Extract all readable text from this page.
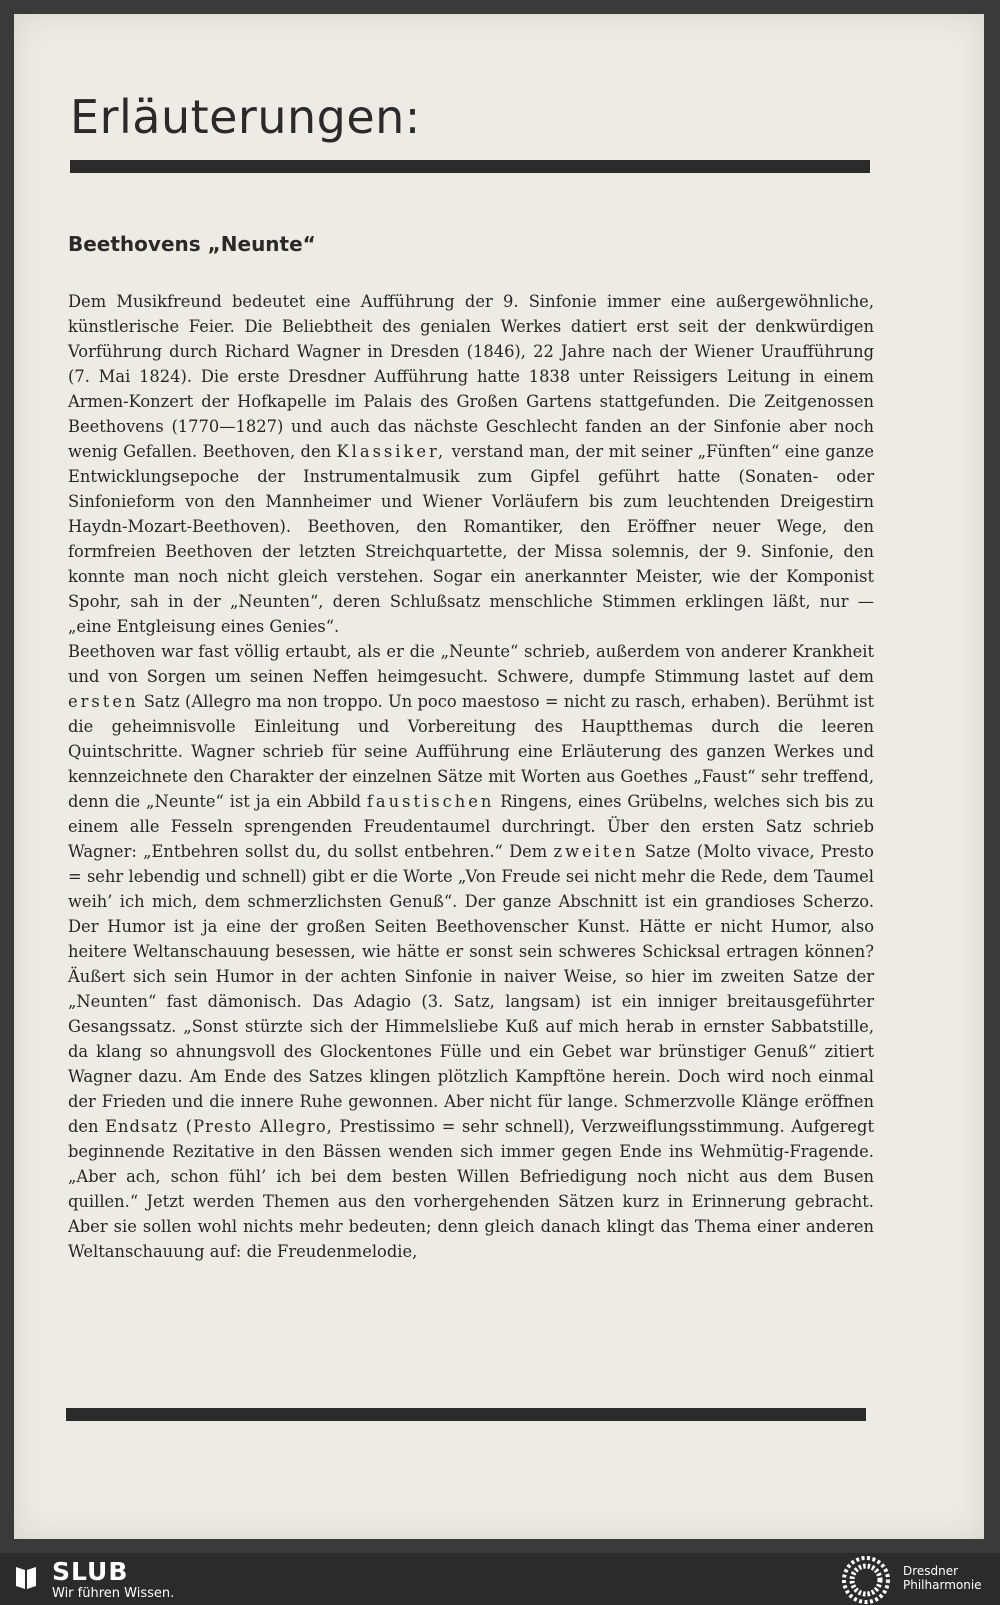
Erläuterungen:
Beethovens „Neunte“

Dem Musikfreund bedeutet eine Aufführung der 9. Sinfonie immer eine außergewöhnliche, künstlerische Feier. Die Beliebtheit des genialen Werkes datiert erst seit der denkwürdigen Vorführung durch Richard Wagner in Dresden (1846), 22 Jahre nach der Wiener Uraufführung (7. Mai 1824). Die erste Dresdner Aufführung hatte 1838 unter Reissigers Leitung in einem Armen-Konzert der Hofkapelle im Palais des Großen Gartens stattgefunden. Die Zeitgenossen Beethovens (1770—1827) und auch das nächste Geschlecht fanden an der Sinfonie aber noch wenig Gefallen. Beethoven, den Klassiker, verstand man, der mit seiner „Fünften“ eine ganze Entwicklungsepoche der Instrumentalmusik zum Gipfel geführt hatte (Sonaten- oder Sinfonieform von den Mannheimer und Wiener Vorläufern bis zum leuchtenden Dreigestirn Haydn-Mozart-Beethoven). Beethoven, den Romantiker, den Eröffner neuer Wege, den formfreien Beethoven der letzten Streichquartette, der Missa solemnis, der 9. Sinfonie, den konnte man noch nicht gleich verstehen. Sogar ein anerkannter Meister, wie der Komponist Spohr, sah in der „Neunten“, deren Schlußsatz menschliche Stimmen erklingen läßt, nur — „eine Entgleisung eines Genies“.

Beethoven war fast völlig ertaubt, als er die „Neunte“ schrieb, außerdem von anderer Krankheit und von Sorgen um seinen Neffen heimgesucht. Schwere, dumpfe Stimmung lastet auf dem ersten Satz (Allegro ma non troppo. Un poco maestoso = nicht zu rasch, erhaben). Berühmt ist die geheimnisvolle Einleitung und Vorbereitung des Hauptthemas durch die leeren Quintschritte. Wagner schrieb für seine Aufführung eine Erläuterung des ganzen Werkes und kennzeichnete den Charakter der einzelnen Sätze mit Worten aus Goethes „Faust“ sehr treffend, denn die „Neunte“ ist ja ein Abbild faustischen Ringens, eines Grübelns, welches sich bis zu einem alle Fesseln sprengenden Freudentaumel durchringt. Über den ersten Satz schrieb Wagner: „Entbehren sollst du, du sollst entbehren.“ Dem zweiten Satze (Molto vivace, Presto = sehr lebendig und schnell) gibt er die Worte „Von Freude sei nicht mehr die Rede, dem Taumel weih’ ich mich, dem schmerzlichsten Genuß“. Der ganze Abschnitt ist ein grandioses Scherzo. Der Humor ist ja eine der großen Seiten Beethovenscher Kunst. Hätte er nicht Humor, also heitere Weltanschauung besessen, wie hätte er sonst sein schweres Schicksal ertragen können? Äußert sich sein Humor in der achten Sinfonie in naiver Weise, so hier im zweiten Satze der „Neunten“ fast dämonisch. Das Adagio (3. Satz, langsam) ist ein inniger breitausgeführter Gesangssatz. „Sonst stürzte sich der Himmelsliebe Kuß auf mich herab in ernster Sabbatstille, da klang so ahnungsvoll des Glockentones Fülle und ein Gebet war brünstiger Genuß“ zitiert Wagner dazu. Am Ende des Satzes klingen plötzlich Kampftöne herein. Doch wird noch einmal der Frieden und die innere Ruhe gewonnen. Aber nicht für lange. Schmerzvolle Klänge eröffnen den Endsatz (Presto Allegro, Prestissimo = sehr schnell), Verzweiflungsstimmung. Aufgeregt beginnende Rezitative in den Bässen wenden sich immer gegen Ende ins Wehmütig-Fragende. „Aber ach, schon fühl’ ich bei dem besten Willen Befriedigung noch nicht aus dem Busen quillen.“ Jetzt werden Themen aus den vorhergehenden Sätzen kurz in Erinnerung gebracht. Aber sie sollen wohl nichts mehr bedeuten; denn gleich danach klingt das Thema einer anderen Weltanschauung auf: die Freudenmelodie,

SLUB
Wir führen Wissen.
Dresdner
Philharmonie
